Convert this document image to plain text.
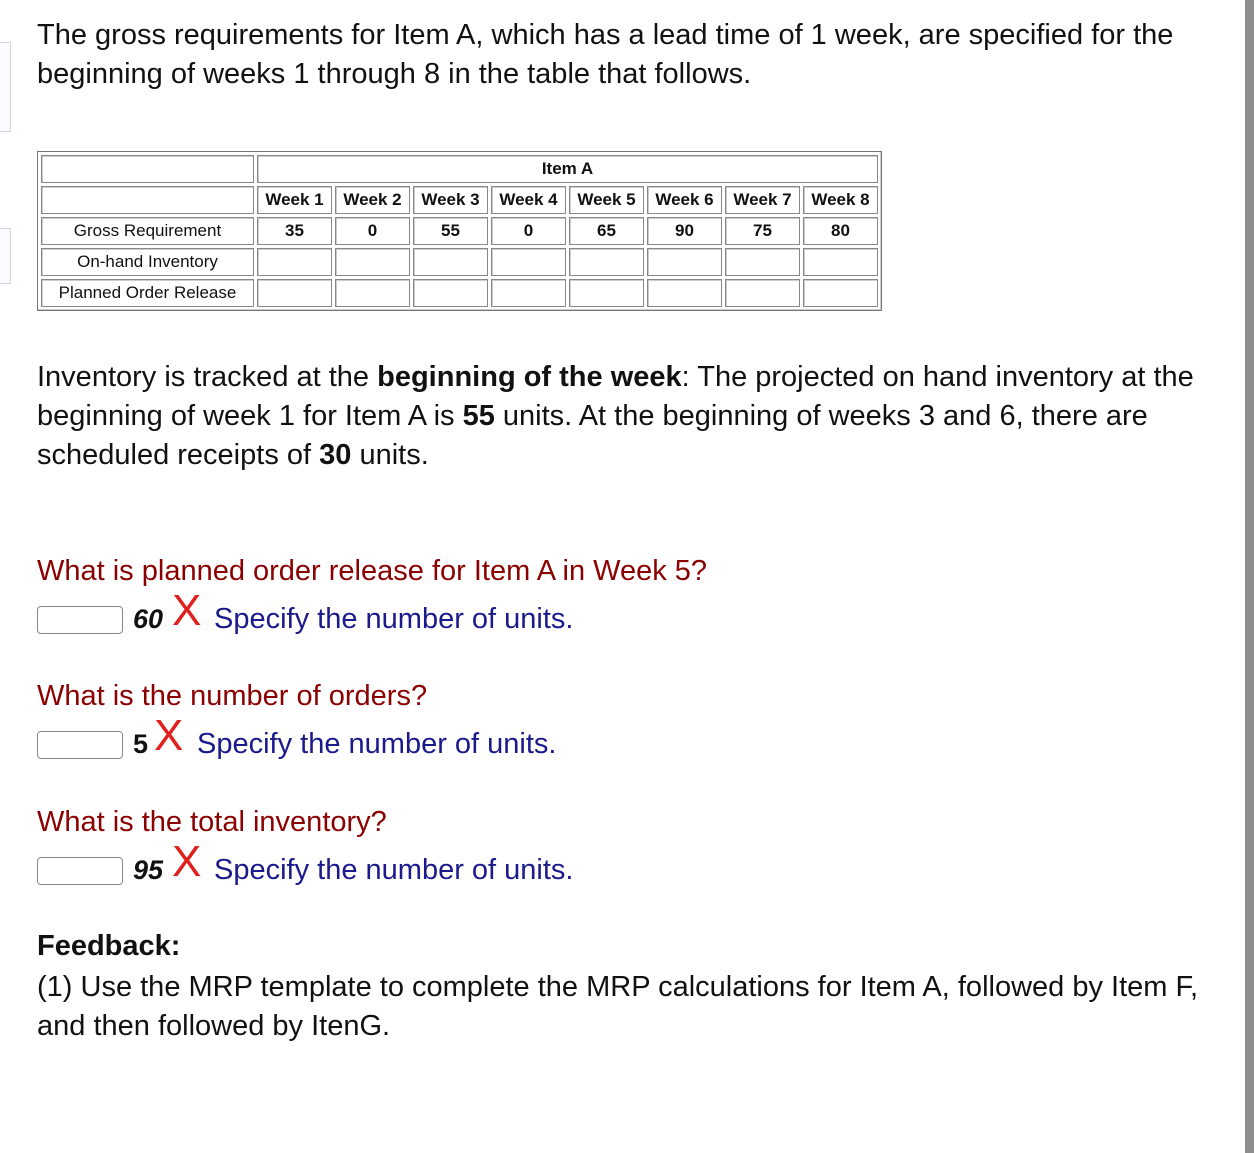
The gross requirements for Item A, which has a lead time of 1 week, are specified for the beginning of weeks 1 through 8 in the table that follows.

	Item A							
	Week 1	Week 2	Week 3	Week 4	Week 5	Week 6	Week 7	Week 8
Gross Requirement	35	0	55	0	65	90	75	80
On-hand Inventory								
Planned Order Release								

Inventory is tracked at the beginning of the week: The projected on hand inventory at the beginning of week 1 for Item A is 55 units. At the beginning of weeks 3 and 6, there are scheduled receipts of 30 units.

What is planned order release for Item A in Week 5?

60 X Specify the number of units.

What is the number of orders?

5 X Specify the number of units.

What is the total inventory?

95 X Specify the number of units.

Feedback:

(1) Use the MRP template to complete the MRP calculations for Item A, followed by Item F, and then followed by ItenG.
